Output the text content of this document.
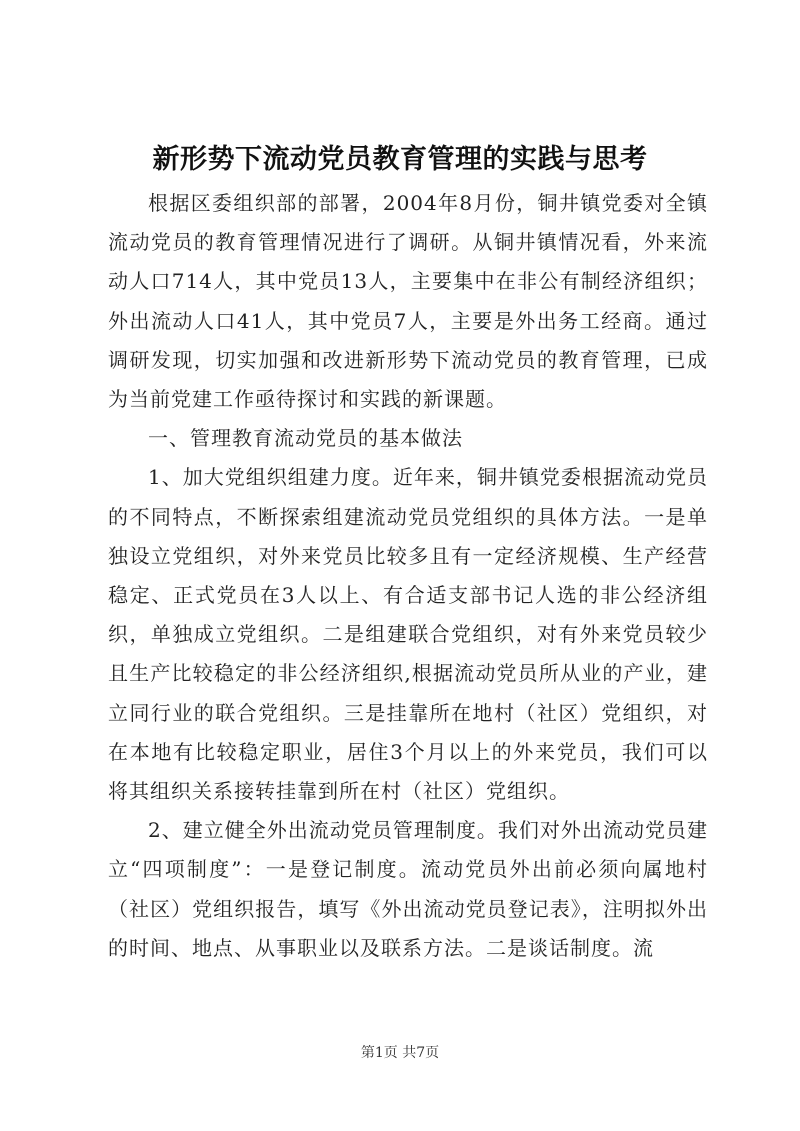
新形势下流动党员教育管理的实践与思考

根据区委组织部的部署，2004年8月份，铜井镇党委对全镇流动党员的教育管理情况进行了调研。从铜井镇情况看，外来流动人口714人，其中党员13人，主要集中在非公有制经济组织；外出流动人口41人，其中党员7人，主要是外出务工经商。通过调研发现，切实加强和改进新形势下流动党员的教育管理，已成为当前党建工作亟待探讨和实践的新课题。

一、管理教育流动党员的基本做法

1、加大党组织组建力度。近年来，铜井镇党委根据流动党员的不同特点，不断探索组建流动党员党组织的具体方法。一是单独设立党组织，对外来党员比较多且有一定经济规模、生产经营稳定、正式党员在3人以上、有合适支部书记人选的非公经济组织，单独成立党组织。二是组建联合党组织，对有外来党员较少且生产比较稳定的非公经济组织,根据流动党员所从业的产业，建立同行业的联合党组织。三是挂靠所在地村（社区）党组织，对在本地有比较稳定职业，居住3个月以上的外来党员，我们可以将其组织关系接转挂靠到所在村（社区）党组织。

2、建立健全外出流动党员管理制度。我们对外出流动党员建立“四项制度”：一是登记制度。流动党员外出前必须向属地村（社区）党组织报告，填写《外出流动党员登记表》，注明拟外出的时间、地点、从事职业以及联系方法。二是谈话制度。流

第1页 共7页
